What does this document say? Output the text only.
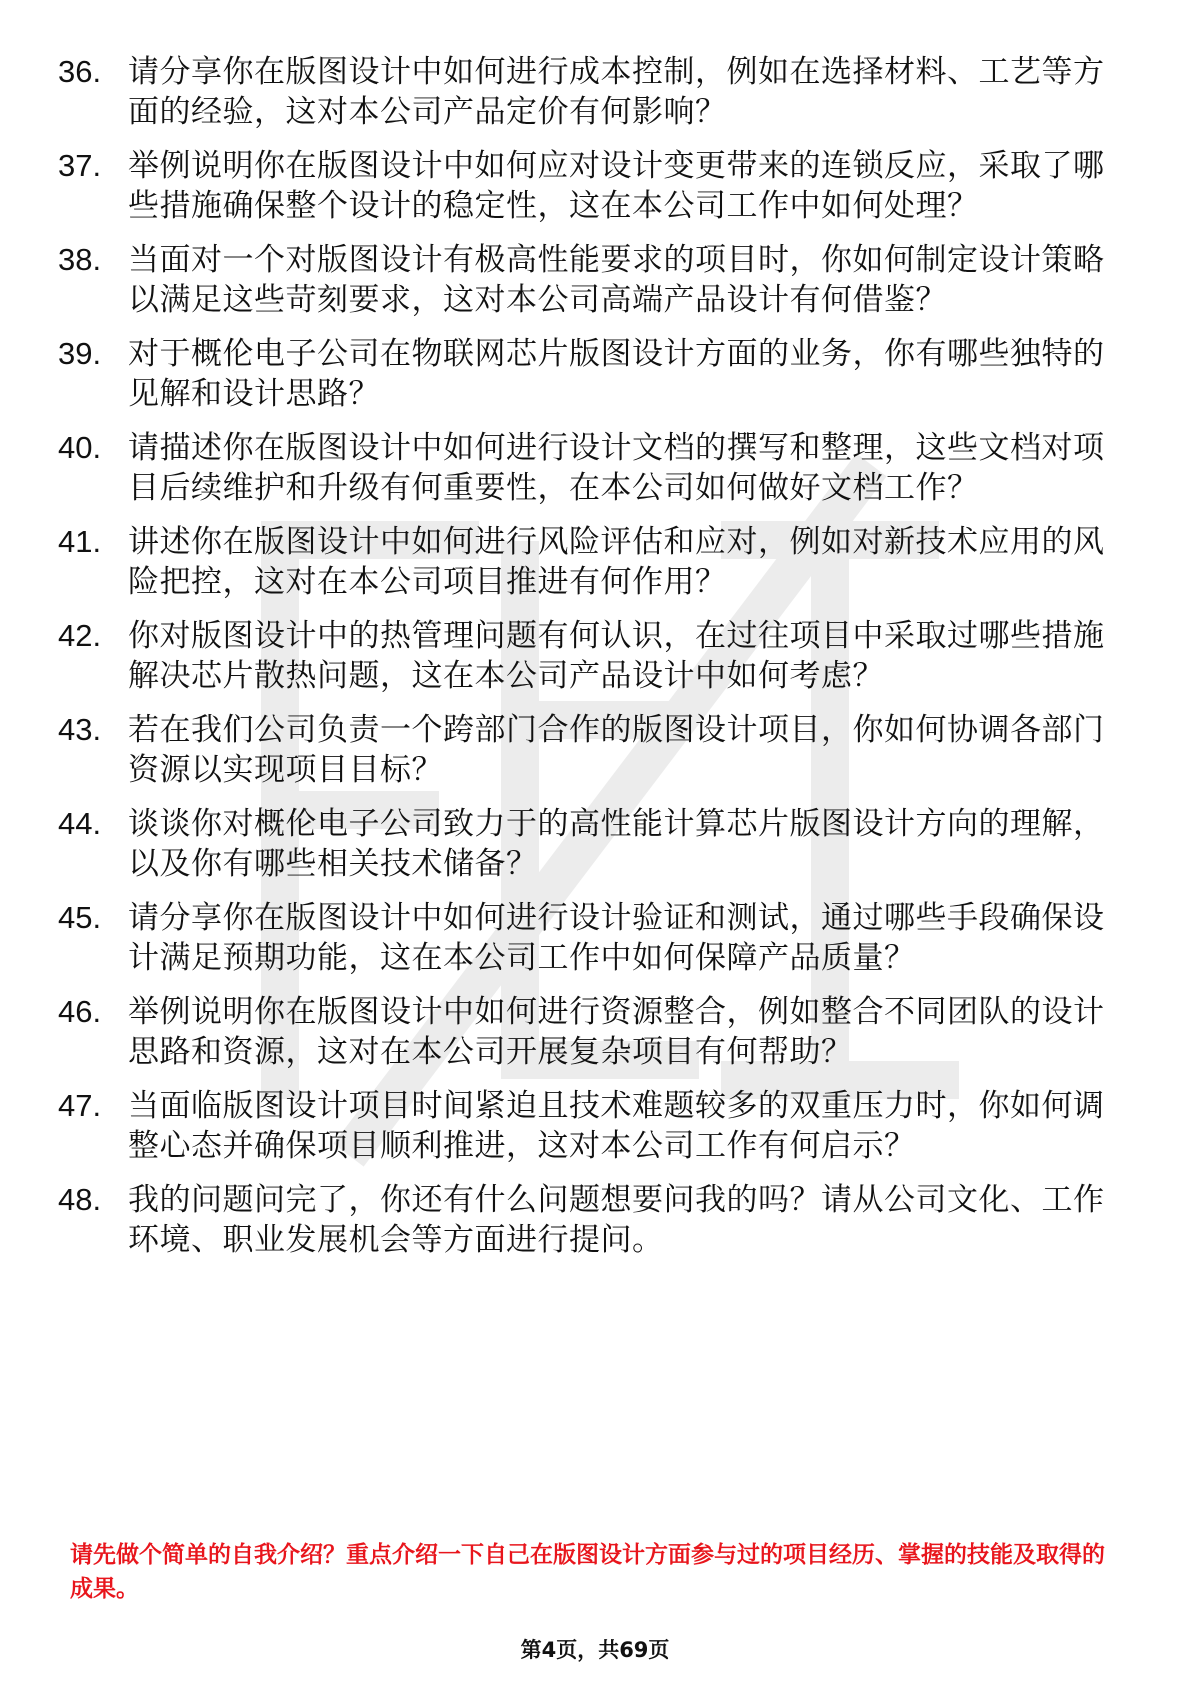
36. 请分享你在版图设计中如何进行成本控制，例如在选择材料、工艺等方面的经验，这对本公司产品定价有何影响？
37. 举例说明你在版图设计中如何应对设计变更带来的连锁反应，采取了哪些措施确保整个设计的稳定性，这在本公司工作中如何处理？
38. 当面对一个对版图设计有极高性能要求的项目时，你如何制定设计策略以满足这些苛刻要求，这对本公司高端产品设计有何借鉴？
39. 对于概伦电子公司在物联网芯片版图设计方面的业务，你有哪些独特的见解和设计思路？
40. 请描述你在版图设计中如何进行设计文档的撰写和整理，这些文档对项目后续维护和升级有何重要性，在本公司如何做好文档工作？
41. 讲述你在版图设计中如何进行风险评估和应对，例如对新技术应用的风险把控，这对在本公司项目推进有何作用？
42. 你对版图设计中的热管理问题有何认识，在过往项目中采取过哪些措施解决芯片散热问题，这在本公司产品设计中如何考虑？
43. 若在我们公司负责一个跨部门合作的版图设计项目，你如何协调各部门资源以实现项目目标？
44. 谈谈你对概伦电子公司致力于的高性能计算芯片版图设计方向的理解，以及你有哪些相关技术储备？
45. 请分享你在版图设计中如何进行设计验证和测试，通过哪些手段确保设计满足预期功能，这在本公司工作中如何保障产品质量？
46. 举例说明你在版图设计中如何进行资源整合，例如整合不同团队的设计思路和资源，这对在本公司开展复杂项目有何帮助？
47. 当面临版图设计项目时间紧迫且技术难题较多的双重压力时，你如何调整心态并确保项目顺利推进，这对本公司工作有何启示？
48. 我的问题问完了，你还有什么问题想要问我的吗？请从公司文化、工作环境、职业发展机会等方面进行提问。
请先做个简单的自我介绍？重点介绍一下自己在版图设计方面参与过的项目经历、掌握的技能及取得的成果。
第4页，共69页
